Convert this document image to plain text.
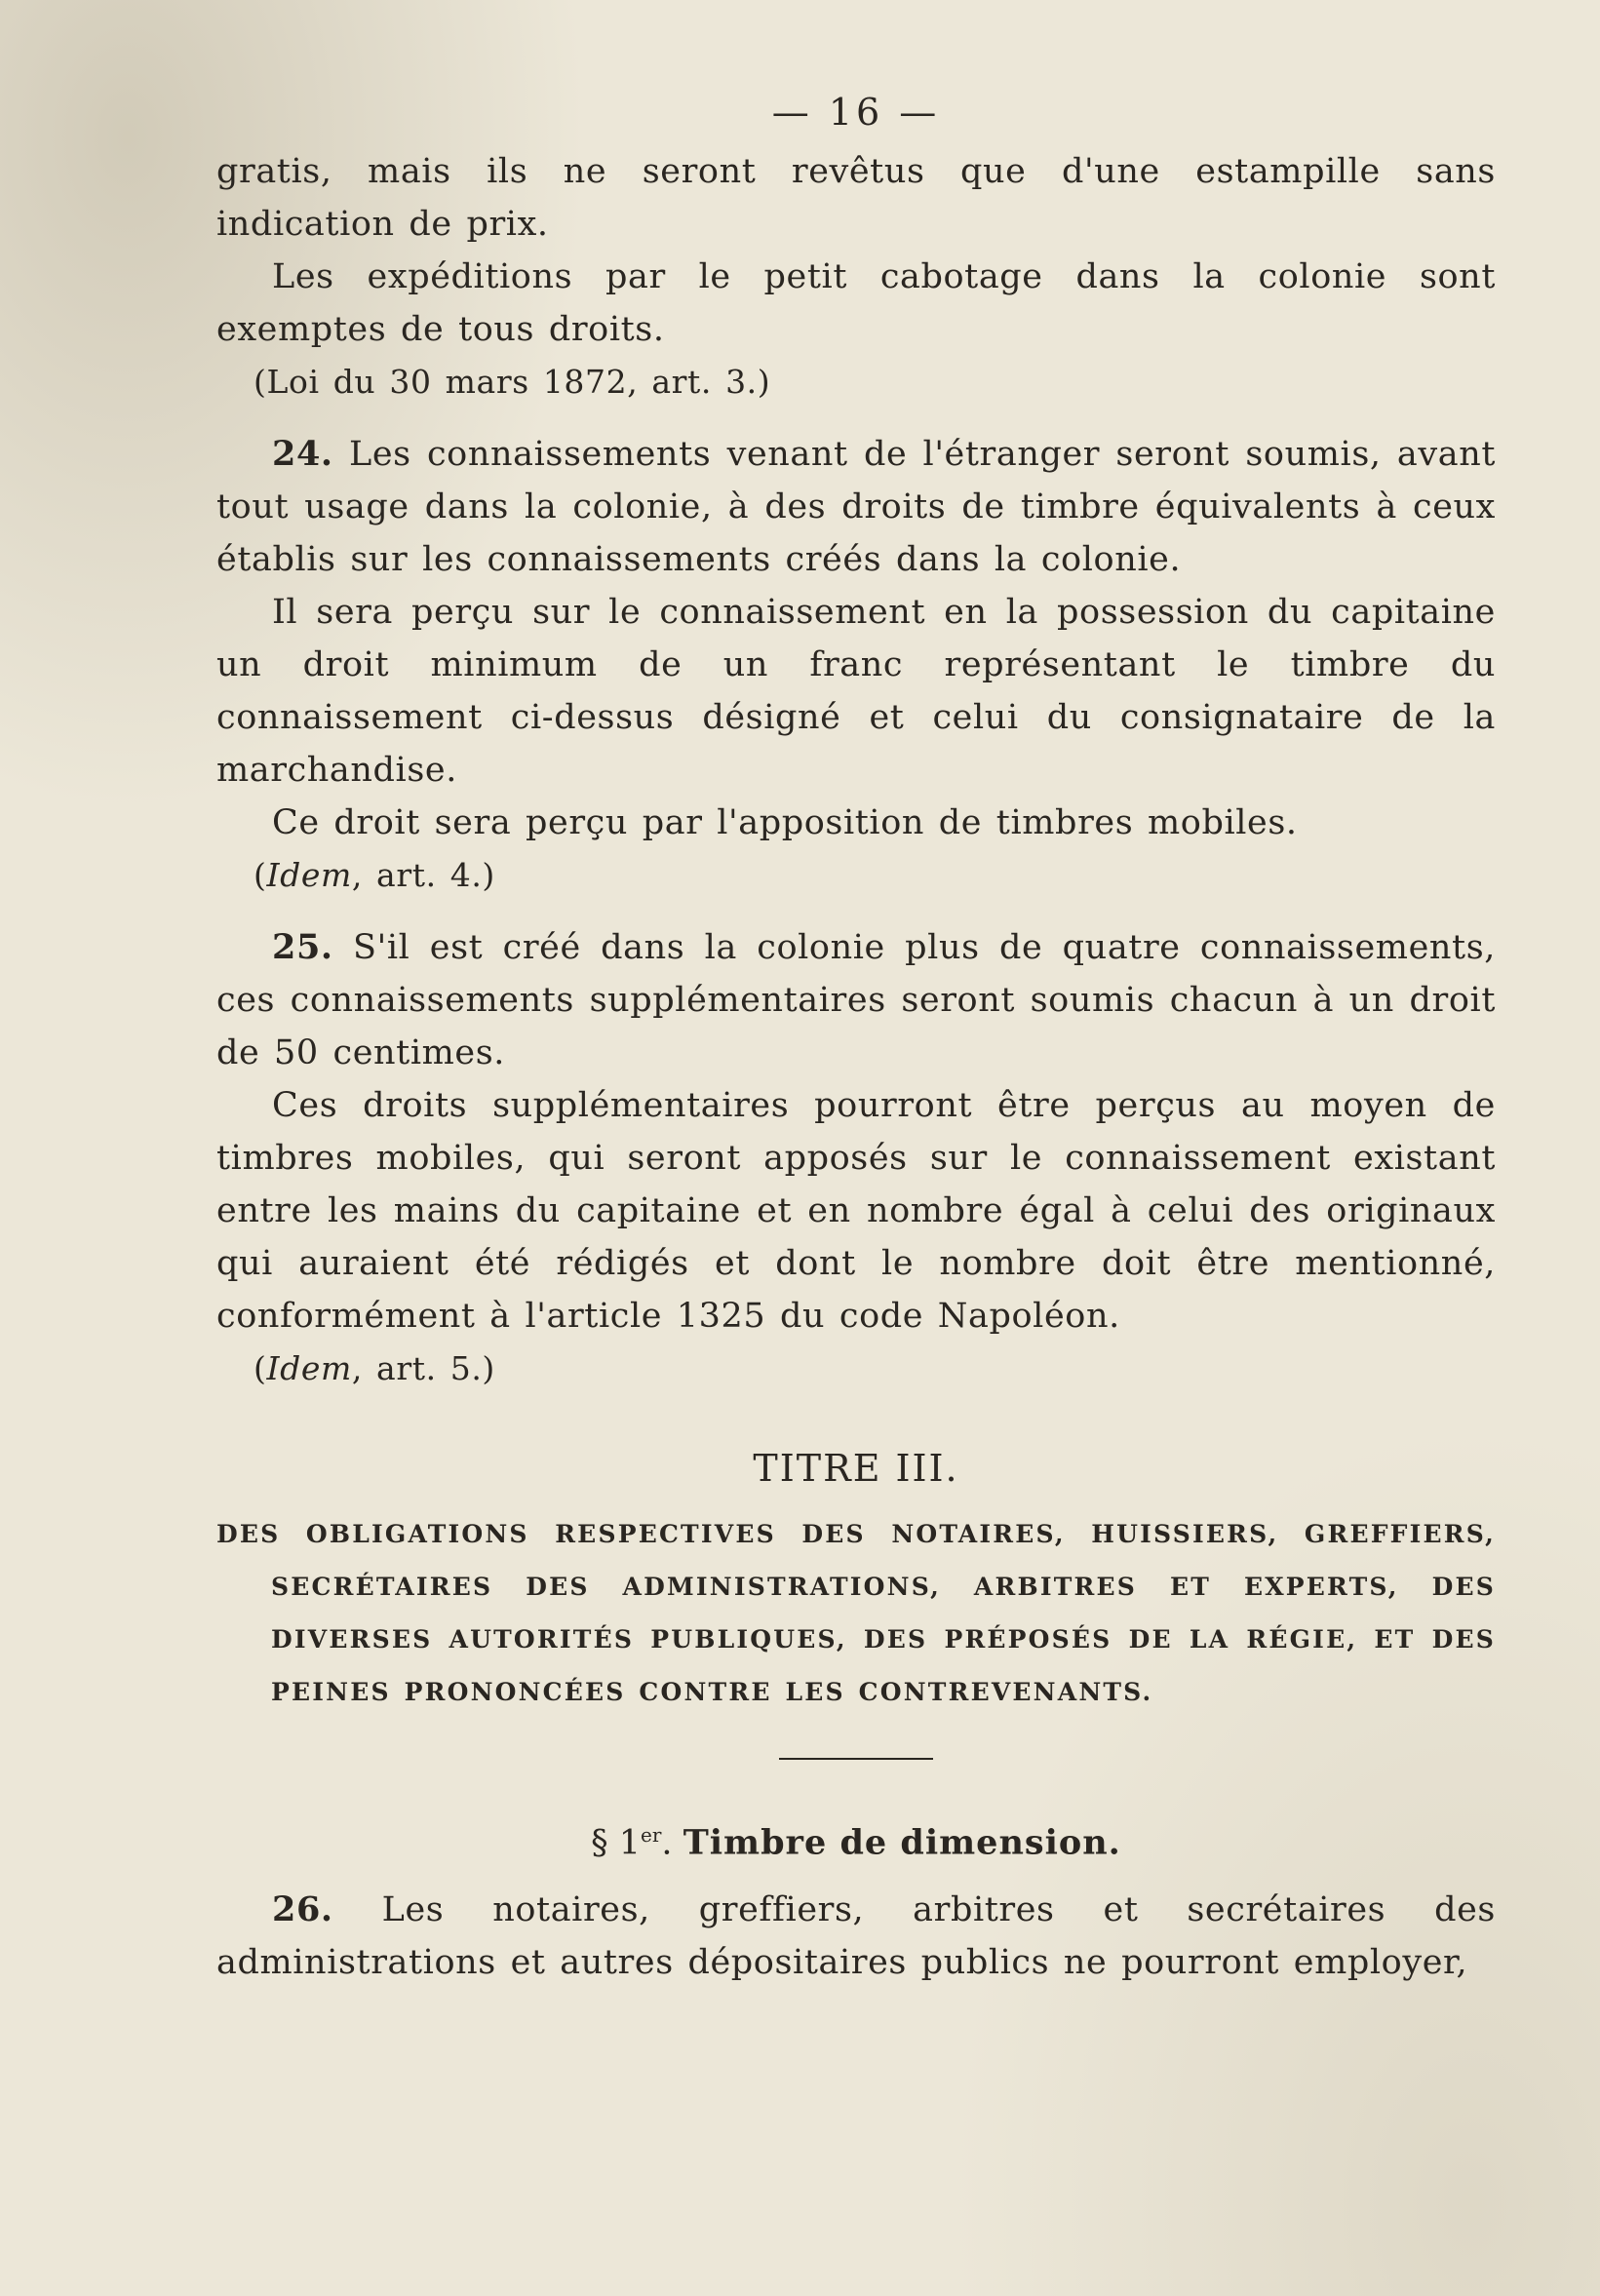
— 16 —

gratis, mais ils ne seront revêtus que d'une estampille sans indication de prix.

Les expéditions par le petit cabotage dans la colonie sont exemptes de tous droits.

(Loi du 30 mars 1872, art. 3.)

24. Les connaissements venant de l'étranger seront soumis, avant tout usage dans la colonie, à des droits de timbre équivalents à ceux établis sur les connaissements créés dans la colonie.

Il sera perçu sur le connaissement en la possession du capitaine un droit minimum de un franc représentant le timbre du connaissement ci-dessus désigné et celui du consignataire de la marchandise.

Ce droit sera perçu par l'apposition de timbres mobiles.

(Idem, art. 4.)

25. S'il est créé dans la colonie plus de quatre connaissements, ces connaissements supplémentaires seront soumis chacun à un droit de 50 centimes.

Ces droits supplémentaires pourront être perçus au moyen de timbres mobiles, qui seront apposés sur le connaissement existant entre les mains du capitaine et en nombre égal à celui des originaux qui auraient été rédigés et dont le nombre doit être mentionné, conformément à l'article 1325 du code Napoléon.

(Idem, art. 5.)

TITRE III.

DES OBLIGATIONS RESPECTIVES DES NOTAIRES, HUISSIERS, GREFFIERS, SECRÉTAIRES DES ADMINISTRATIONS, ARBITRES ET EXPERTS, DES DIVERSES AUTORITÉS PUBLIQUES, DES PRÉPOSÉS DE LA RÉGIE, ET DES PEINES PRONONCÉES CONTRE LES CONTREVENANTS.

§ 1er. Timbre de dimension.

26. Les notaires, greffiers, arbitres et secrétaires des administrations et autres dépositaires publics ne pourront employer,
